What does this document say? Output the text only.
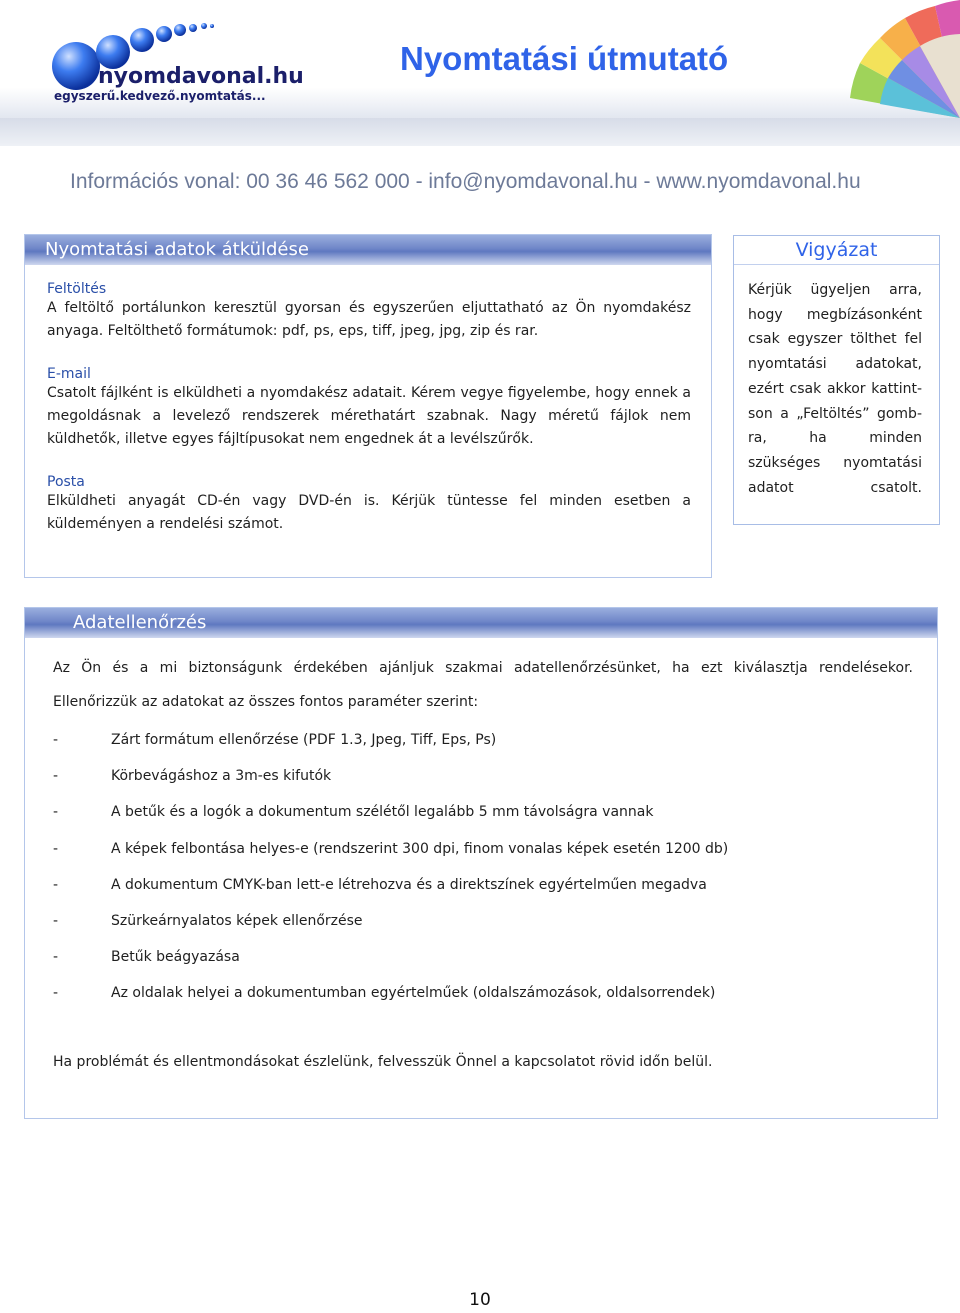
nyomdavonal.hu
egyszerű.kedvező.nyomtatás...
Nyomtatási útmutató
Információs vonal: 00 36 46 562 000 - info@nyomdavonal.hu - www.nyomdavonal.hu
Nyomtatási adatok átküldése
Feltöltés
A feltöltő portálunkon keresztül gyorsan és egyszerűen eljuttatható az Ön nyomdakész anyaga. Feltölthető formátumok: pdf, ps, eps, tiff, jpeg, jpg, zip és rar.
E-mail
Csatolt fájlként is elküldheti a nyomdakész adatait. Kérem vegye figyelembe, hogy ennek a megoldásnak a levelező rendszerek mérethatárt szabnak. Nagy méretű fájlok nem küldhetők, illetve egyes fájltípusokat nem engednek át a levélszűrők.
Posta
Elküldheti anyagát CD-én vagy DVD-én is. Kérjük tüntesse fel minden esetben a küldeményen a rendelési számot.
Vigyázat
Kérjük ügyeljen arra, hogy megbízásonként csak egyszer tölthet fel nyomtatási adatokat, ezért csak akkor kattint-son a „Feltöltés” gomb-ra, ha minden szükséges nyomtatási adatot csatolt.
Adatellenőrzés
Az Ön és a mi biztonságunk érdekében ajánljuk szakmai adatellenőrzésünket, ha ezt kiválasztja rendelésekor.
Ellenőrizzük az adatokat az összes fontos paraméter szerint:
-	Zárt formátum ellenőrzése (PDF 1.3, Jpeg, Tiff, Eps, Ps)
-	Körbevágáshoz a 3m-es kifutók
-	A betűk és a logók a dokumentum szélétől legalább 5 mm távolságra vannak
-	A képek felbontása helyes-e (rendszerint 300 dpi, finom vonalas képek esetén 1200 db)
-	A dokumentum CMYK-ban lett-e létrehozva és a direktszínek egyértelműen megadva
-	Szürkeárnyalatos képek ellenőrzése
-	Betűk beágyazása
-	Az oldalak helyei a dokumentumban egyértelműek (oldalszámozások, oldalsorrendek)
Ha problémát és ellentmondásokat észlelünk, felvesszük Önnel a kapcsolatot rövid időn belül.
10
